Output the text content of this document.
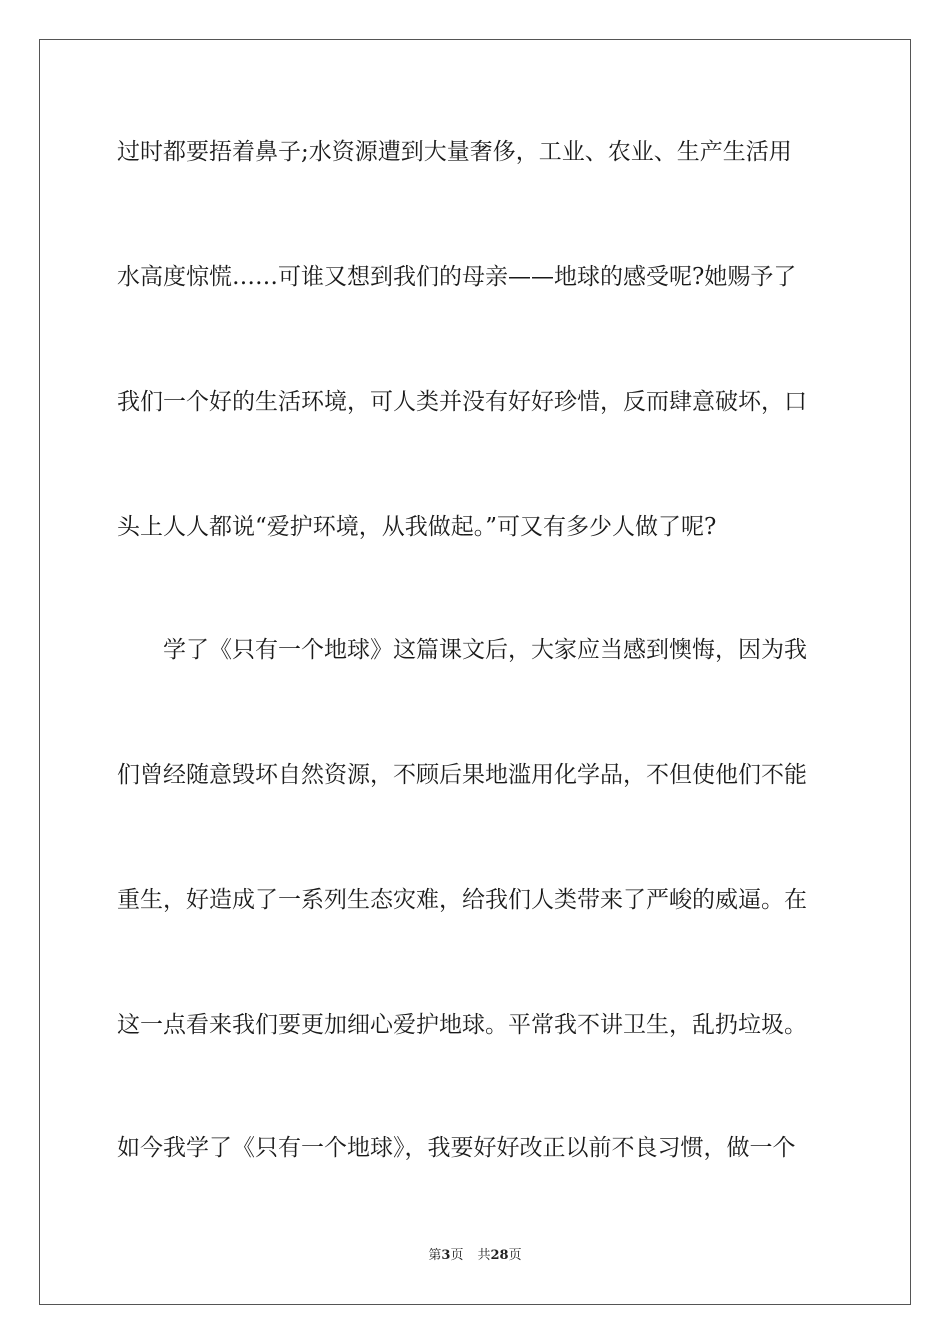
过时都要捂着鼻子;水资源遭到大量奢侈，工业、农业、生产生活用
水高度惊慌……可谁又想到我们的母亲——地球的感受呢?她赐予了
我们一个好的生活环境，可人类并没有好好珍惜，反而肆意破坏，口
头上人人都说“爱护环境，从我做起。”可又有多少人做了呢?
　　学了《只有一个地球》这篇课文后，大家应当感到懊悔，因为我
们曾经随意毁坏自然资源，不顾后果地滥用化学品，不但使他们不能
重生，好造成了一系列生态灾难，给我们人类带来了严峻的威逼。在
这一点看来我们要更加细心爱护地球。平常我不讲卫生，乱扔垃圾。
如今我学了《只有一个地球》，我要好好改正以前不良习惯，做一个
第3页 共28页
